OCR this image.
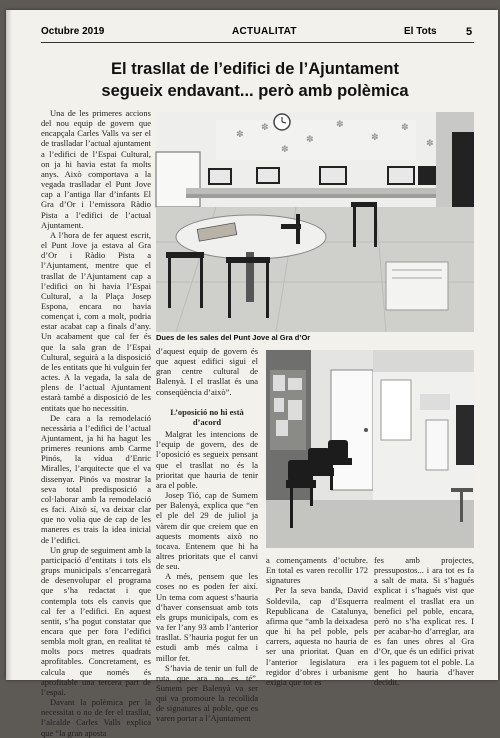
Octubre 2019	ACTUALITAT	El Tots	5
El trasllat de l’edifici de l’Ajuntament
segueix endavant... però amb polèmica

Una de les primeres accions del nou equip de govern que encapçala Carles Valls va ser el de traslladar l’actual ajuntament a l’edifici de l’Espai Cultural, on ja hi havia estat fa molts anys. Això comportava a la vegada traslladar el Punt Jove cap a l’antiga llar d’infants El Gra d’Or i l’emissora Ràdio Pista a l’edifici de l’actual Ajuntament.

A l’hora de fer aquest escrit, el Punt Jove ja estava al Gra d’Or i Ràdio Pista a l’Ajuntament, mentre que el trasllat de l’Ajuntament cap a l’edifici on hi havia l’Espai Cultural, a la Plaça Josep Espona, encara no havia començat i, com a molt, podria estar acabat cap a finals d’any. Un acabament que cal fer és que la sala gran de l’Espai Cultural, seguirà a la disposició de les entitats que hi vulguin fer actes. A la vegada, la sala de plens de l’actual Ajuntament estarà també a disposició de les entitats que ho necessitin.

De cara a la remodelació necessària a l’edifici de l’actual Ajuntament, ja hi ha hagut les primeres reunions amb Carme Pinós, la vídua d’Enric Miralles, l’arquitecte que el va dissenyar. Pinós va mostrar la seva total predisposició a col·laborar amb la remodelació es faci. Això sí, va deixar clar que no volia que de cap de les maneres es trais la idea inicial de l’edifici.

Un grup de seguiment amb la participació d’entitats i tots els grups municipals s’encarregarà de desenvolupar el programa que s’ha redactat i que contempla tots els canvis que cal fer a l’edifici. En aquest sentit, s’ha pogut constatar que encara que per fora l’edifici sembla molt gran, en realitat té molts pocs metres quadrats aprofitables. Concretament, es calcula que només és aprofitable una tercera part de l’espai.

Davant la polèmica per la necessitat o no de fer el trasllat, l’alcalde Carles Valls explica que “la gran aposta

✽
✽
✽
✽
✽
✽
✽
✽
Dues de les sales del Punt Jove al Gra d’Or

d’aquest equip de govern és que aquest edifici sigui el gran centre cultural de Balenyà. I el trasllat és una conseqüència d’això”.

L’oposició no hi està d’acord

Malgrat les intencions de l’equip de govern, des de l’oposició es segueix pensant que el trasllat no és la prioritat que hauria de tenir ara el poble.

Josep Tió, cap de Sumem per Balenyà, explica que “en el ple del 29 de juliol ja vàrem dir que creiem que en aquests moments això no tocava. Entenem que hi ha altres prioritats que el canvi de seu.

A més, pensem que les coses no es poden fer així. Un tema com aquest s’hauria d’haver consensuat amb tots els grups municipals, com es va fer l’any 93 amb l’anterior trasllat. S’hauria pogut fer un estudi amb més calma i millor fet.

S’havia de tenir un full de ruta que ara no es té”. Sumem per Balenyà va ser qui va promoure la recollida de signatures al poble, que es varen portar a l’Ajuntament

a començaments d’octubre. En total es varen recollir 172 signatures

Per la seva banda, David Soldevila, cap d’Esquerra Republicana de Catalunya, afirma que “amb la deixadesa que hi ha pel poble, pels carrers, aquesta no hauria de ser una prioritat. Quan en l’anterior legislatura era regidor d’obres i urbanisme exigia que tot es

fes amb projectes, pressupostos... i ara tot es fa a salt de mata. Si s’hagués explicat i s’hagués vist que realment el trasllat era un benefici pel poble, encara, però no s’ha explicat res. I per acabar-ho d’arreglar, ara es fan unes obres al Gra d’Or, que és un edifici privat i les paguem tot el poble. La gent ho hauria d’haver decidit.
